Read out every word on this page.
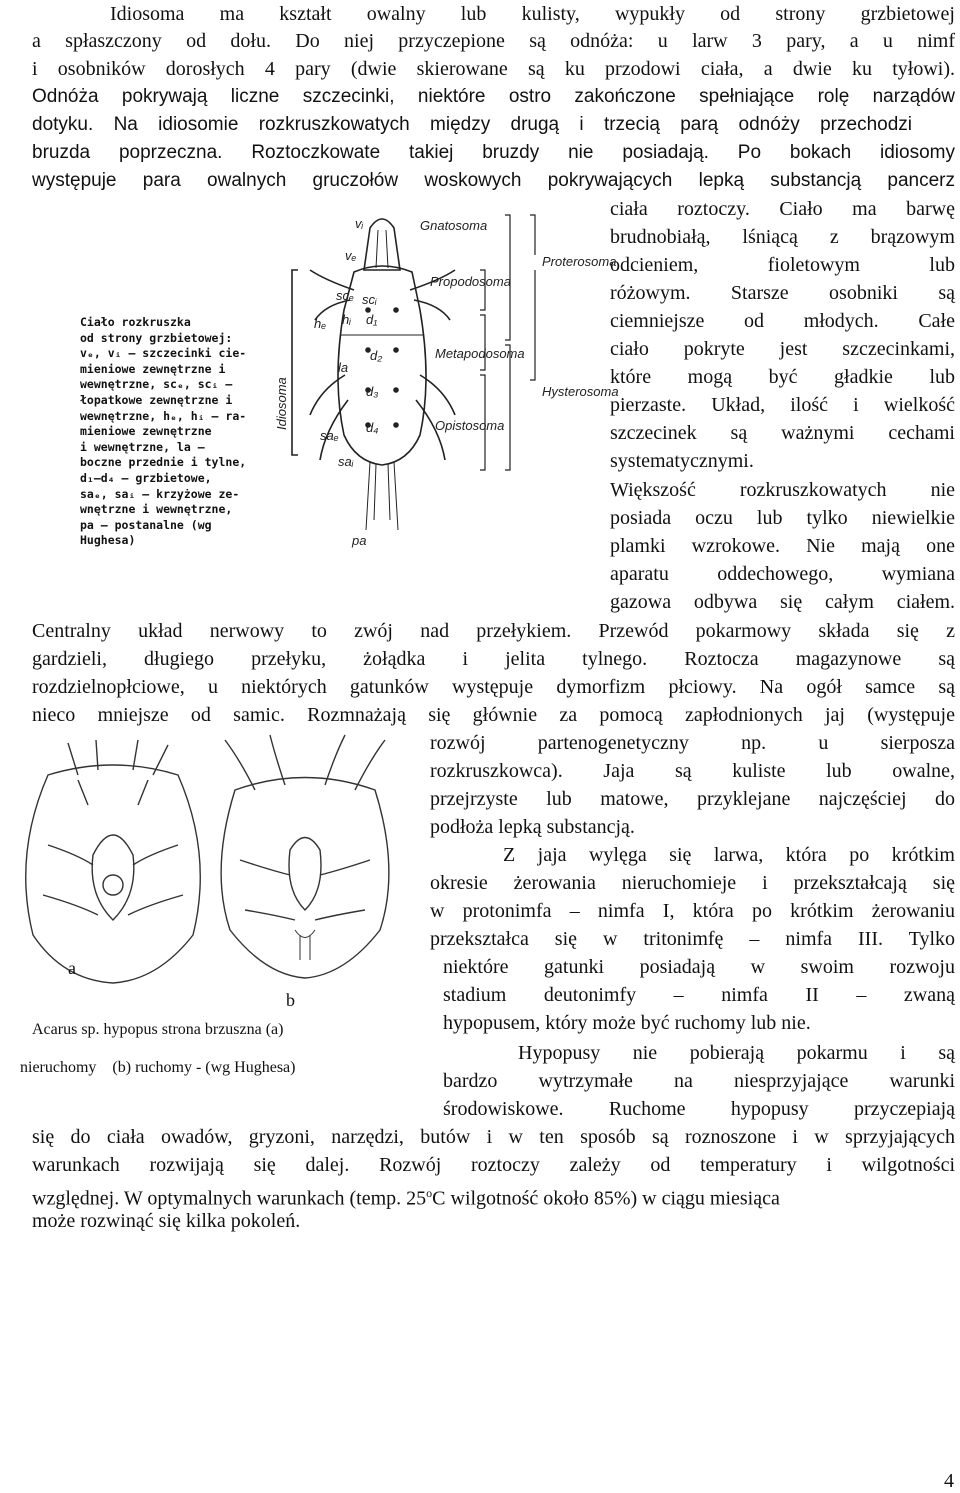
Idiosoma ma kształt owalny lub kulisty, wypukły od strony grzbietowej
a spłaszczony od dołu. Do niej przyczepione są odnóża: u larw 3 pary, a u nimf
i osobników dorosłych 4 pary (dwie skierowane są ku przodowi ciała, a dwie ku tyłowi).
Odnóża pokrywają liczne szczecinki, niektóre ostro zakończone spełniające rolę narządów
dotyku. Na idiosomie rozkruszkowatych między drugą i trzecią parą odnóży przechodzi
bruzda poprzeczna. Roztoczkowate takiej bruzdy nie posiadają. Po bokach idiosomy
występuje para owalnych gruczołów woskowych pokrywających lepką substancją pancerz
ciała roztoczy. Ciało ma barwę
brudnobiałą, lśniącą z brązowym
odcieniem, fioletowym lub
różowym. Starsze osobniki są
ciemniejsze od młodych. Całe
ciało pokryte jest szczecinkami,
które mogą być gładkie lub
pierzaste. Układ, ilość i wielkość
szczecinek są ważnymi cechami
systematycznymi.
Większość rozkruszkowatych nie
posiada oczu lub tylko niewielkie
plamki wzrokowe. Nie mają one
aparatu oddechowego, wymiana
gazowa odbywa się całym ciałem.
Ciało rozkruszka
od strony grzbietowej:
vₑ, vᵢ — szczecinki cie-
mieniowe zewnętrzne i
wewnętrzne, scₑ, scᵢ —
łopatkowe zewnętrzne i
wewnętrzne, hₑ, hᵢ — ra-
mieniowe zewnętrzne
i wewnętrzne, la —
boczne przednie i tylne,
d₁—d₄ — grzbietowe,
saₑ, saᵢ — krzyżowe ze-
wnętrzne i wewnętrzne,
pa — postanalne (wg
Hughesa)
Gnatosoma
Proterosoma
Propodosoma
Metapodosoma
Hysterosoma
Opistosoma
Idiosoma
vᵢ
vₑ
scₑ scᵢ
hₑ hᵢ d₁
d₂
d₃
d₄
la
saₑ
saᵢ
pa
Centralny układ nerwowy to zwój nad przełykiem. Przewód pokarmowy składa się z
gardzieli, długiego przełyku, żołądka i jelita tylnego. Roztocza magazynowe są
rozdzielnopłciowe, u niektórych gatunków występuje dymorfizm płciowy. Na ogół samce są
nieco mniejsze od samic. Rozmnażają się głównie za pomocą zapłodnionych jaj (występuje
rozwój partenogenetyczny np. u sierposza
rozkruszkowca). Jaja są kuliste lub owalne,
przejrzyste lub matowe, przyklejane najczęściej do
podłoża lepką substancją.
Z jaja wylęga się larwa, która po krótkim
okresie żerowania nieruchomieje i przekształcają się
w protonimfa – nimfa I, która po krótkim żerowaniu
przekształca się w tritonimfę – nimfa III. Tylko
niektóre gatunki posiadają w swoim rozwoju
stadium deutonimfy – nimfa II – zwaną
hypopusem, który może być ruchomy lub nie.
Hypopusy nie pobierają pokarmu i są
bardzo wytrzymałe na niesprzyjające warunki
środowiskowe. Ruchome hypopusy przyczepiają
się do ciała owadów, gryzoni, narzędzi, butów i w ten sposób są roznoszone i w sprzyjających
warunkach rozwijają się dalej. Rozwój roztoczy zależy od temperatury i wilgotności
względnej. W optymalnych warunkach (temp. 25$^o$C wilgotność około 85%) w ciągu miesiąca
może rozwinąć się kilka pokoleń.
a
b
Acarus sp. hypopus strona brzuszna (a)
nieruchomy    (b) ruchomy - (wg Hughesa)
4
